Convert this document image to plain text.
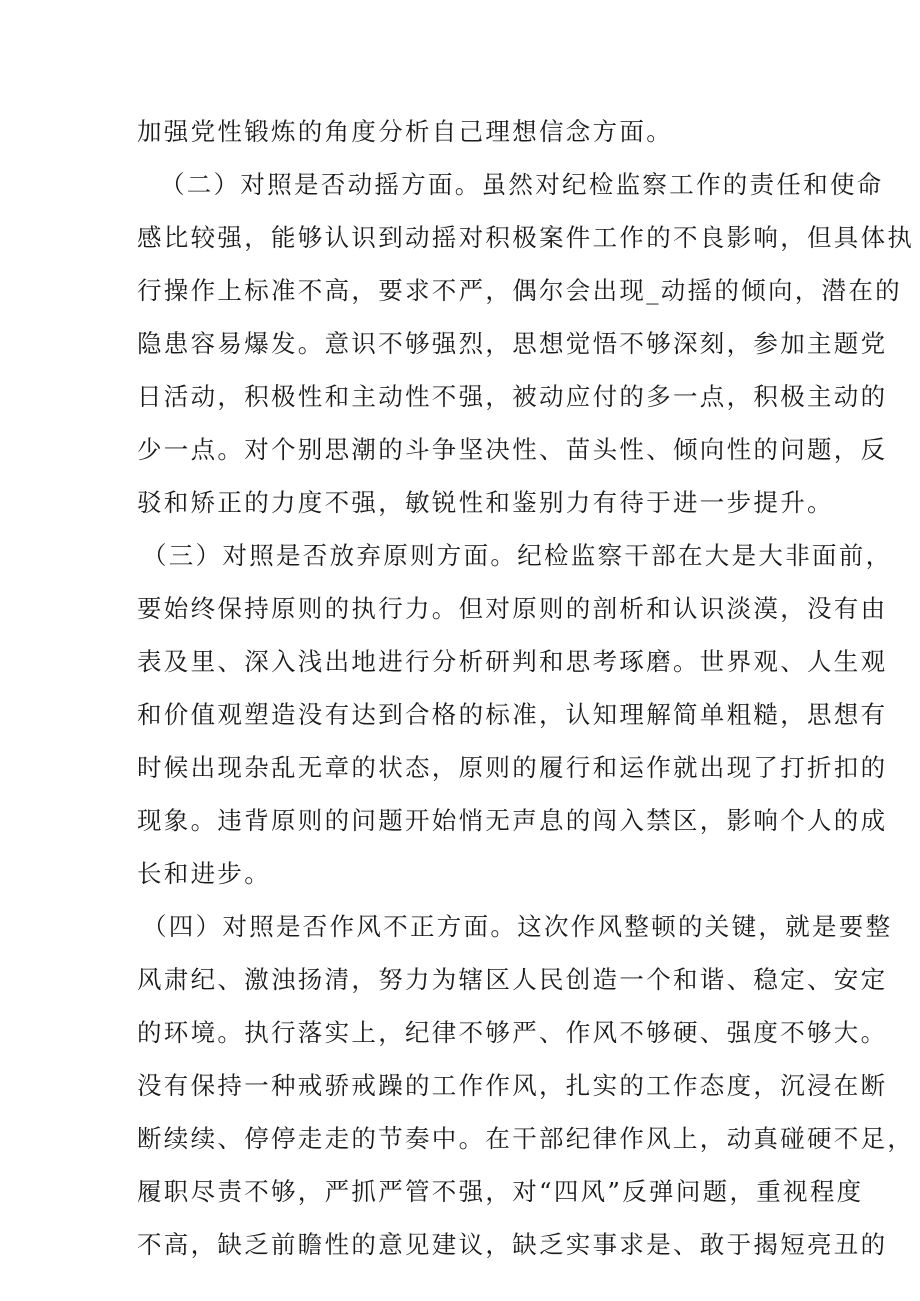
加强党性锻炼的角度分析自己理想信念方面。
（二）对照是否动摇方面。虽然对纪检监察工作的责任和使命
感比较强，能够认识到动摇对积极案件工作的不良影响，但具体执
行操作上标准不高，要求不严，偶尔会出现_动摇的倾向，潜在的
隐患容易爆发。意识不够强烈，思想觉悟不够深刻，参加主题党
日活动，积极性和主动性不强，被动应付的多一点，积极主动的
少一点。对个别思潮的斗争坚决性、苗头性、倾向性的问题，反
驳和矫正的力度不强，敏锐性和鉴别力有待于进一步提升。
（三）对照是否放弃原则方面。纪检监察干部在大是大非面前，
要始终保持原则的执行力。但对原则的剖析和认识淡漠，没有由
表及里、深入浅出地进行分析研判和思考琢磨。世界观、人生观
和价值观塑造没有达到合格的标准，认知理解简单粗糙，思想有
时候出现杂乱无章的状态，原则的履行和运作就出现了打折扣的
现象。违背原则的问题开始悄无声息的闯入禁区，影响个人的成
长和进步。
（四）对照是否作风不正方面。这次作风整顿的关键，就是要整
风肃纪、激浊扬清，努力为辖区人民创造一个和谐、稳定、安定
的环境。执行落实上，纪律不够严、作风不够硬、强度不够大。
没有保持一种戒骄戒躁的工作作风，扎实的工作态度，沉浸在断
断续续、停停走走的节奏中。在干部纪律作风上，动真碰硬不足，
履职尽责不够，严抓严管不强，对“四风”反弹问题，重视程度
不高，缺乏前瞻性的意见建议，缺乏实事求是、敢于揭短亮丑的
